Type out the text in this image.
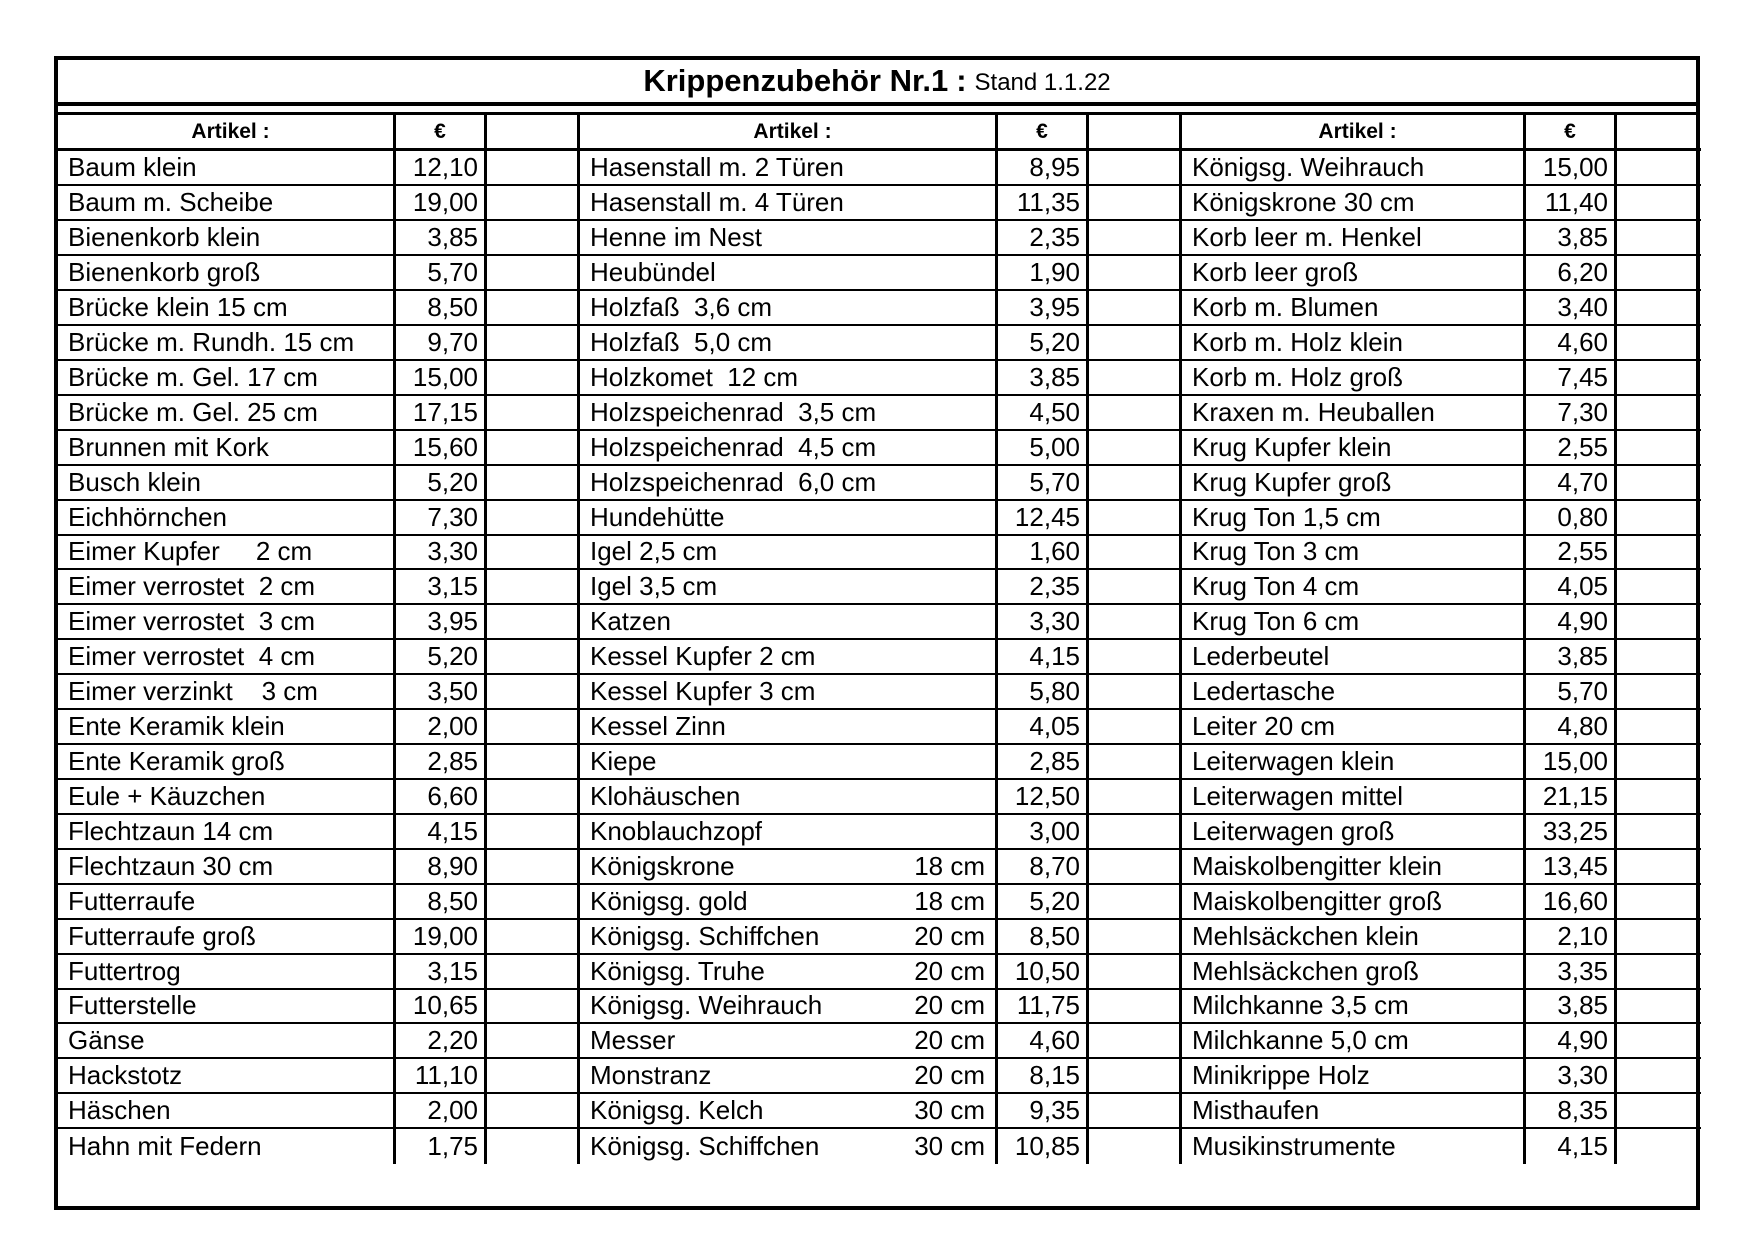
Krippenzubehör Nr.1 : Stand 1.1.22
Artikel :	€
Baum klein	12,10
Baum m. Scheibe	19,00
Bienenkorb klein	3,85
Bienenkorb groß	5,70
Brücke klein 15 cm	8,50
Brücke m. Rundh. 15 cm	9,70
Brücke m. Gel. 17 cm	15,00
Brücke m. Gel. 25 cm	17,15
Brunnen mit Kork	15,60
Busch klein	5,20
Eichhörnchen	7,30
Eimer Kupfer     2 cm	3,30
Eimer verrostet  2 cm	3,15
Eimer verrostet  3 cm	3,95
Eimer verrostet  4 cm	5,20
Eimer verzinkt    3 cm	3,50
Ente Keramik klein	2,00
Ente Keramik groß	2,85
Eule + Käuzchen	6,60
Flechtzaun 14 cm	4,15
Flechtzaun 30 cm	8,90
Futterraufe	8,50
Futterraufe groß	19,00
Futtertrog	3,15
Futterstelle	10,65
Gänse	2,20
Hackstotz	11,10
Häschen	2,00
Hahn mit Federn	1,75
Artikel :	€
Hasenstall m. 2 Türen	8,95
Hasenstall m. 4 Türen	11,35
Henne im Nest	2,35
Heubündel	1,90
Holzfaß  3,6 cm	3,95
Holzfaß  5,0 cm	5,20
Holzkomet  12 cm	3,85
Holzspeichenrad  3,5 cm	4,50
Holzspeichenrad  4,5 cm	5,00
Holzspeichenrad  6,0 cm	5,70
Hundehütte	12,45
Igel 2,5 cm	1,60
Igel 3,5 cm	2,35
Katzen	3,30
Kessel Kupfer 2 cm	4,15
Kessel Kupfer 3 cm	5,80
Kessel Zinn	4,05
Kiepe	2,85
Klohäuschen	12,50
Knoblauchzopf	3,00
Königskrone	18 cm	8,70
Königsg. gold	18 cm	5,20
Königsg. Schiffchen	20 cm	8,50
Königsg. Truhe	20 cm	10,50
Königsg. Weihrauch	20 cm	11,75
Messer	20 cm	4,60
Monstranz	20 cm	8,15
Königsg. Kelch	30 cm	9,35
Königsg. Schiffchen	30 cm	10,85
Artikel :	€
Königsg. Weihrauch	15,00
Königskrone 30 cm	11,40
Korb leer m. Henkel	3,85
Korb leer groß	6,20
Korb m. Blumen	3,40
Korb m. Holz klein	4,60
Korb m. Holz groß	7,45
Kraxen m. Heuballen	7,30
Krug Kupfer klein	2,55
Krug Kupfer groß	4,70
Krug Ton 1,5 cm	0,80
Krug Ton 3 cm	2,55
Krug Ton 4 cm	4,05
Krug Ton 6 cm	4,90
Lederbeutel	3,85
Ledertasche	5,70
Leiter 20 cm	4,80
Leiterwagen klein	15,00
Leiterwagen mittel	21,15
Leiterwagen groß	33,25
Maiskolbengitter klein	13,45
Maiskolbengitter groß	16,60
Mehlsäckchen klein	2,10
Mehlsäckchen groß	3,35
Milchkanne 3,5 cm	3,85
Milchkanne 5,0 cm	4,90
Minikrippe Holz	3,30
Misthaufen	8,35
Musikinstrumente	4,15
